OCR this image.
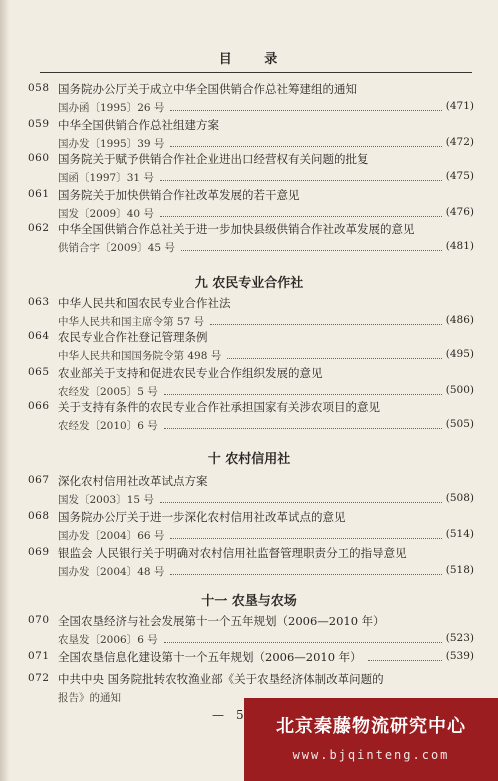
目 录
058 国务院办公厅关于成立中华全国供销合作总社筹建组的通知
国办函〔1995〕26 号	(471)
059 中华全国供销合作总社组建方案
国办发〔1995〕39 号	(472)
060 国务院关于赋予供销合作社企业进出口经营权有关问题的批复
国函〔1997〕31 号	(475)
061 国务院关于加快供销合作社改革发展的若干意见
国发〔2009〕40 号	(476)
062 中华全国供销合作总社关于进一步加快县级供销合作社改革发展的意见
供销合字〔2009〕45 号	(481)
九 农民专业合作社
063 中华人民共和国农民专业合作社法
中华人民共和国主席令第 57 号	(486)
064 农民专业合作社登记管理条例
中华人民共和国国务院令第 498 号	(495)
065 农业部关于支持和促进农民专业合作组织发展的意见
农经发〔2005〕5 号	(500)
066 关于支持有条件的农民专业合作社承担国家有关涉农项目的意见
农经发〔2010〕6 号	(505)
十 农村信用社
067 深化农村信用社改革试点方案
国发〔2003〕15 号	(508)
068 国务院办公厅关于进一步深化农村信用社改革试点的意见
国办发〔2004〕66 号	(514)
069 银监会 人民银行关于明确对农村信用社监督管理职责分工的指导意见
国办发〔2004〕48 号	(518)
十一 农垦与农场
070 全国农垦经济与社会发展第十一个五年规划（2006—2010 年）
农垦发〔2006〕6 号	(523)
071 全国农垦信息化建设第十一个五年规划（2006—2010 年）	(539)
072 中共中央 国务院批转农牧渔业部《关于农垦经济体制改革问题的
报告》的通知
— 5
北京秦藤物流研究中心
www.bjqinteng.com
